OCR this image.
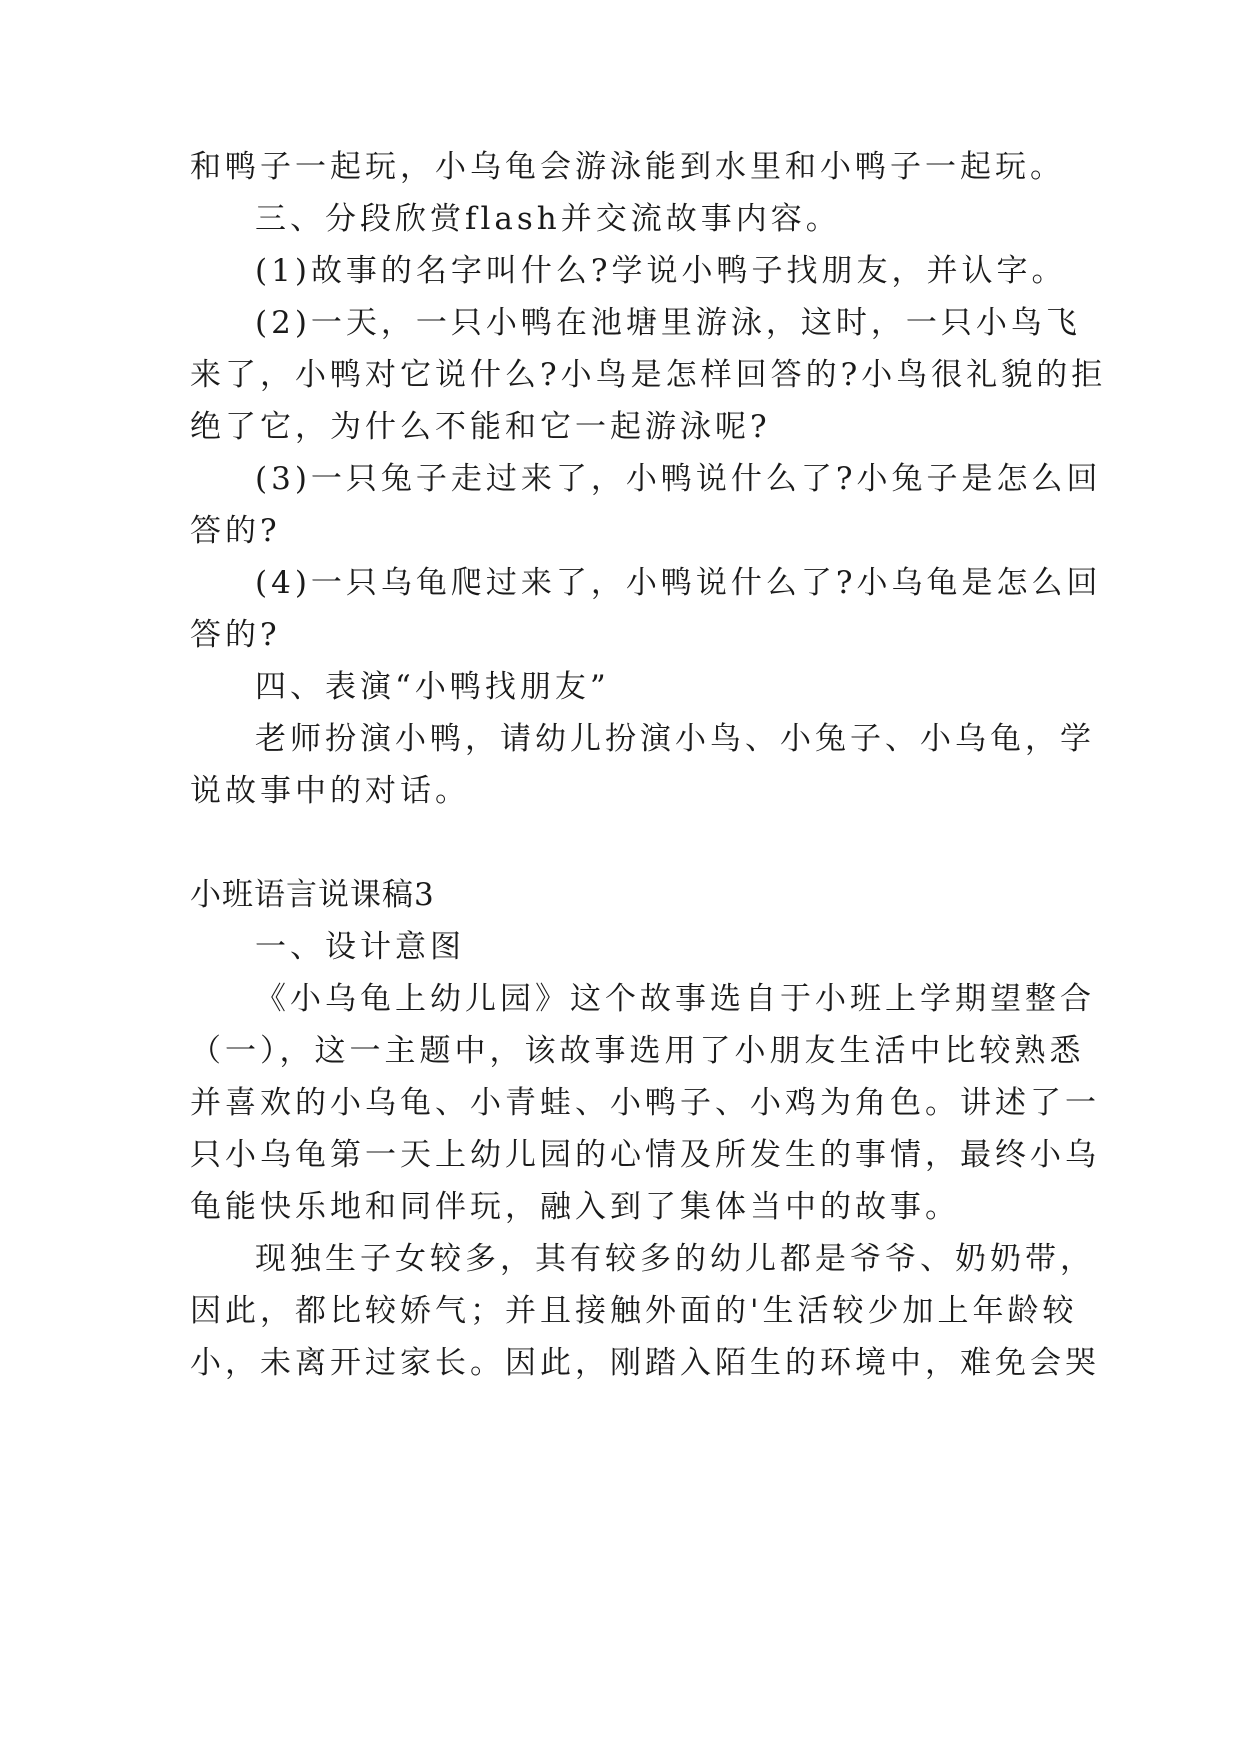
和鸭子一起玩，小乌龟会游泳能到水里和小鸭子一起玩。
三、分段欣赏flash并交流故事内容。
(1)故事的名字叫什么?学说小鸭子找朋友，并认字。
(2)一天，一只小鸭在池塘里游泳，这时，一只小鸟飞
来了，小鸭对它说什么?小鸟是怎样回答的?小鸟很礼貌的拒
绝了它，为什么不能和它一起游泳呢?
(3)一只兔子走过来了，小鸭说什么了?小兔子是怎么回
答的?
(4)一只乌龟爬过来了，小鸭说什么了?小乌龟是怎么回
答的?
四、表演“小鸭找朋友”
老师扮演小鸭，请幼儿扮演小鸟、小兔子、小乌龟，学
说故事中的对话。
小班语言说课稿3
一、设计意图
《小乌龟上幼儿园》这个故事选自于小班上学期望整合
（一），这一主题中，该故事选用了小朋友生活中比较熟悉
并喜欢的小乌龟、小青蛙、小鸭子、小鸡为角色。讲述了一
只小乌龟第一天上幼儿园的心情及所发生的事情，最终小乌
龟能快乐地和同伴玩，融入到了集体当中的故事。
现独生子女较多，其有较多的幼儿都是爷爷、奶奶带，
因此，都比较娇气；并且接触外面的'生活较少加上年龄较
小，未离开过家长。因此，刚踏入陌生的环境中，难免会哭
